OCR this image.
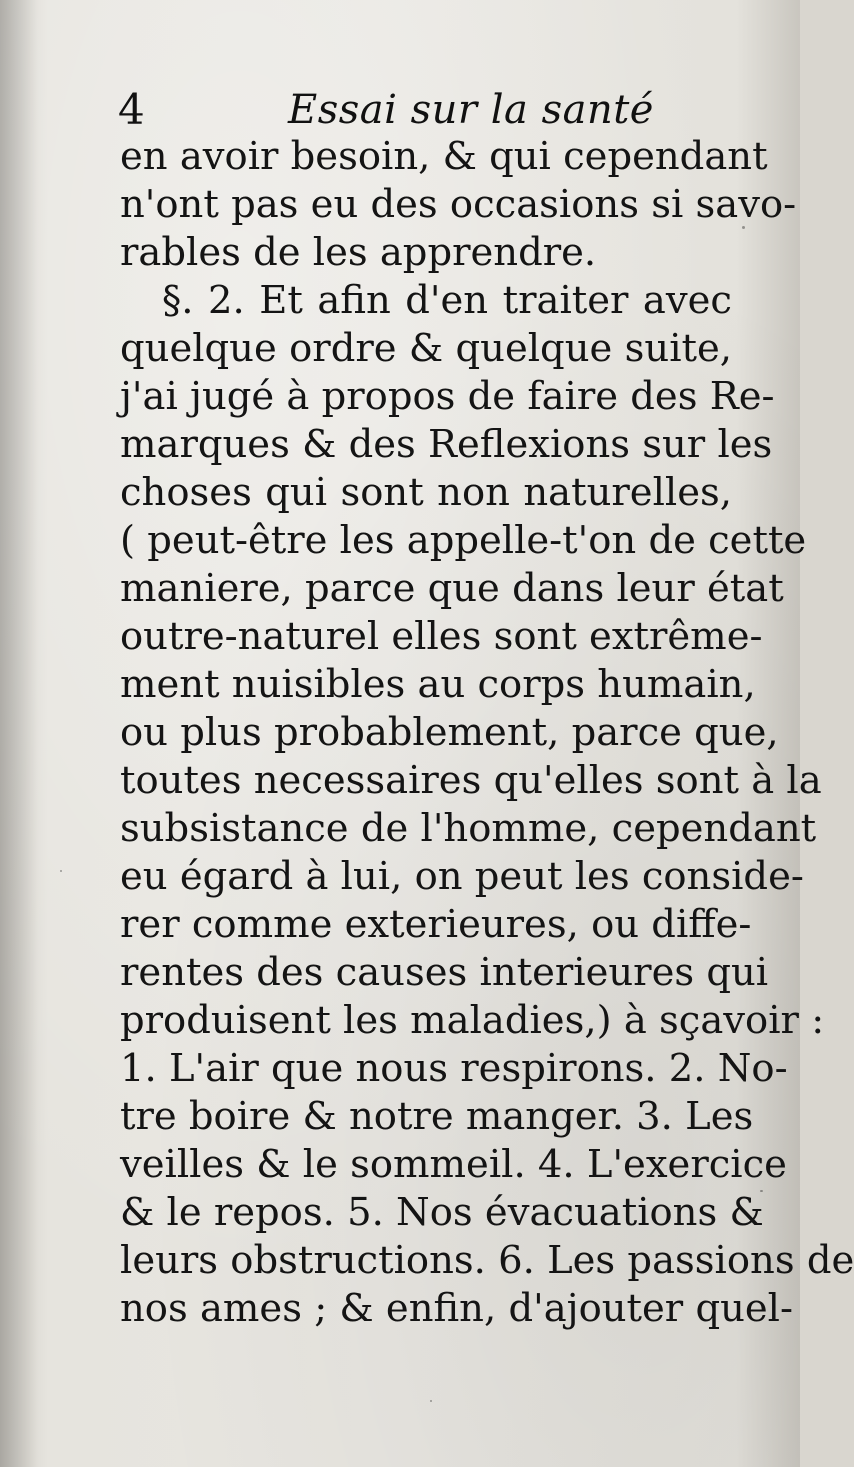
4	Essai sur la santé
en avoir besoin, & qui cependant
n'ont pas eu des occasions si savo-
rables de les apprendre.
§. 2. Et afin d'en traiter avec
quelque ordre & quelque suite,
j'ai jugé à propos de faire des Re-
marques & des Reflexions sur les
choses qui sont non naturelles,
( peut-être les appelle-t'on de cette
maniere, parce que dans leur état
outre-naturel elles sont extrême-
ment nuisibles au corps humain,
ou plus probablement, parce que,
toutes necessaires qu'elles sont à la
subsistance de l'homme, cependant
eu égard à lui, on peut les conside-
rer comme exterieures, ou diffe-
rentes des causes interieures qui
produisent les maladies,) à sçavoir :
1. L'air que nous respirons. 2. No-
tre boire & notre manger. 3. Les
veilles & le sommeil. 4. L'exercice
& le repos. 5. Nos évacuations &
leurs obstructions. 6. Les passions de
nos ames ; & enfin, d'ajouter quel-
